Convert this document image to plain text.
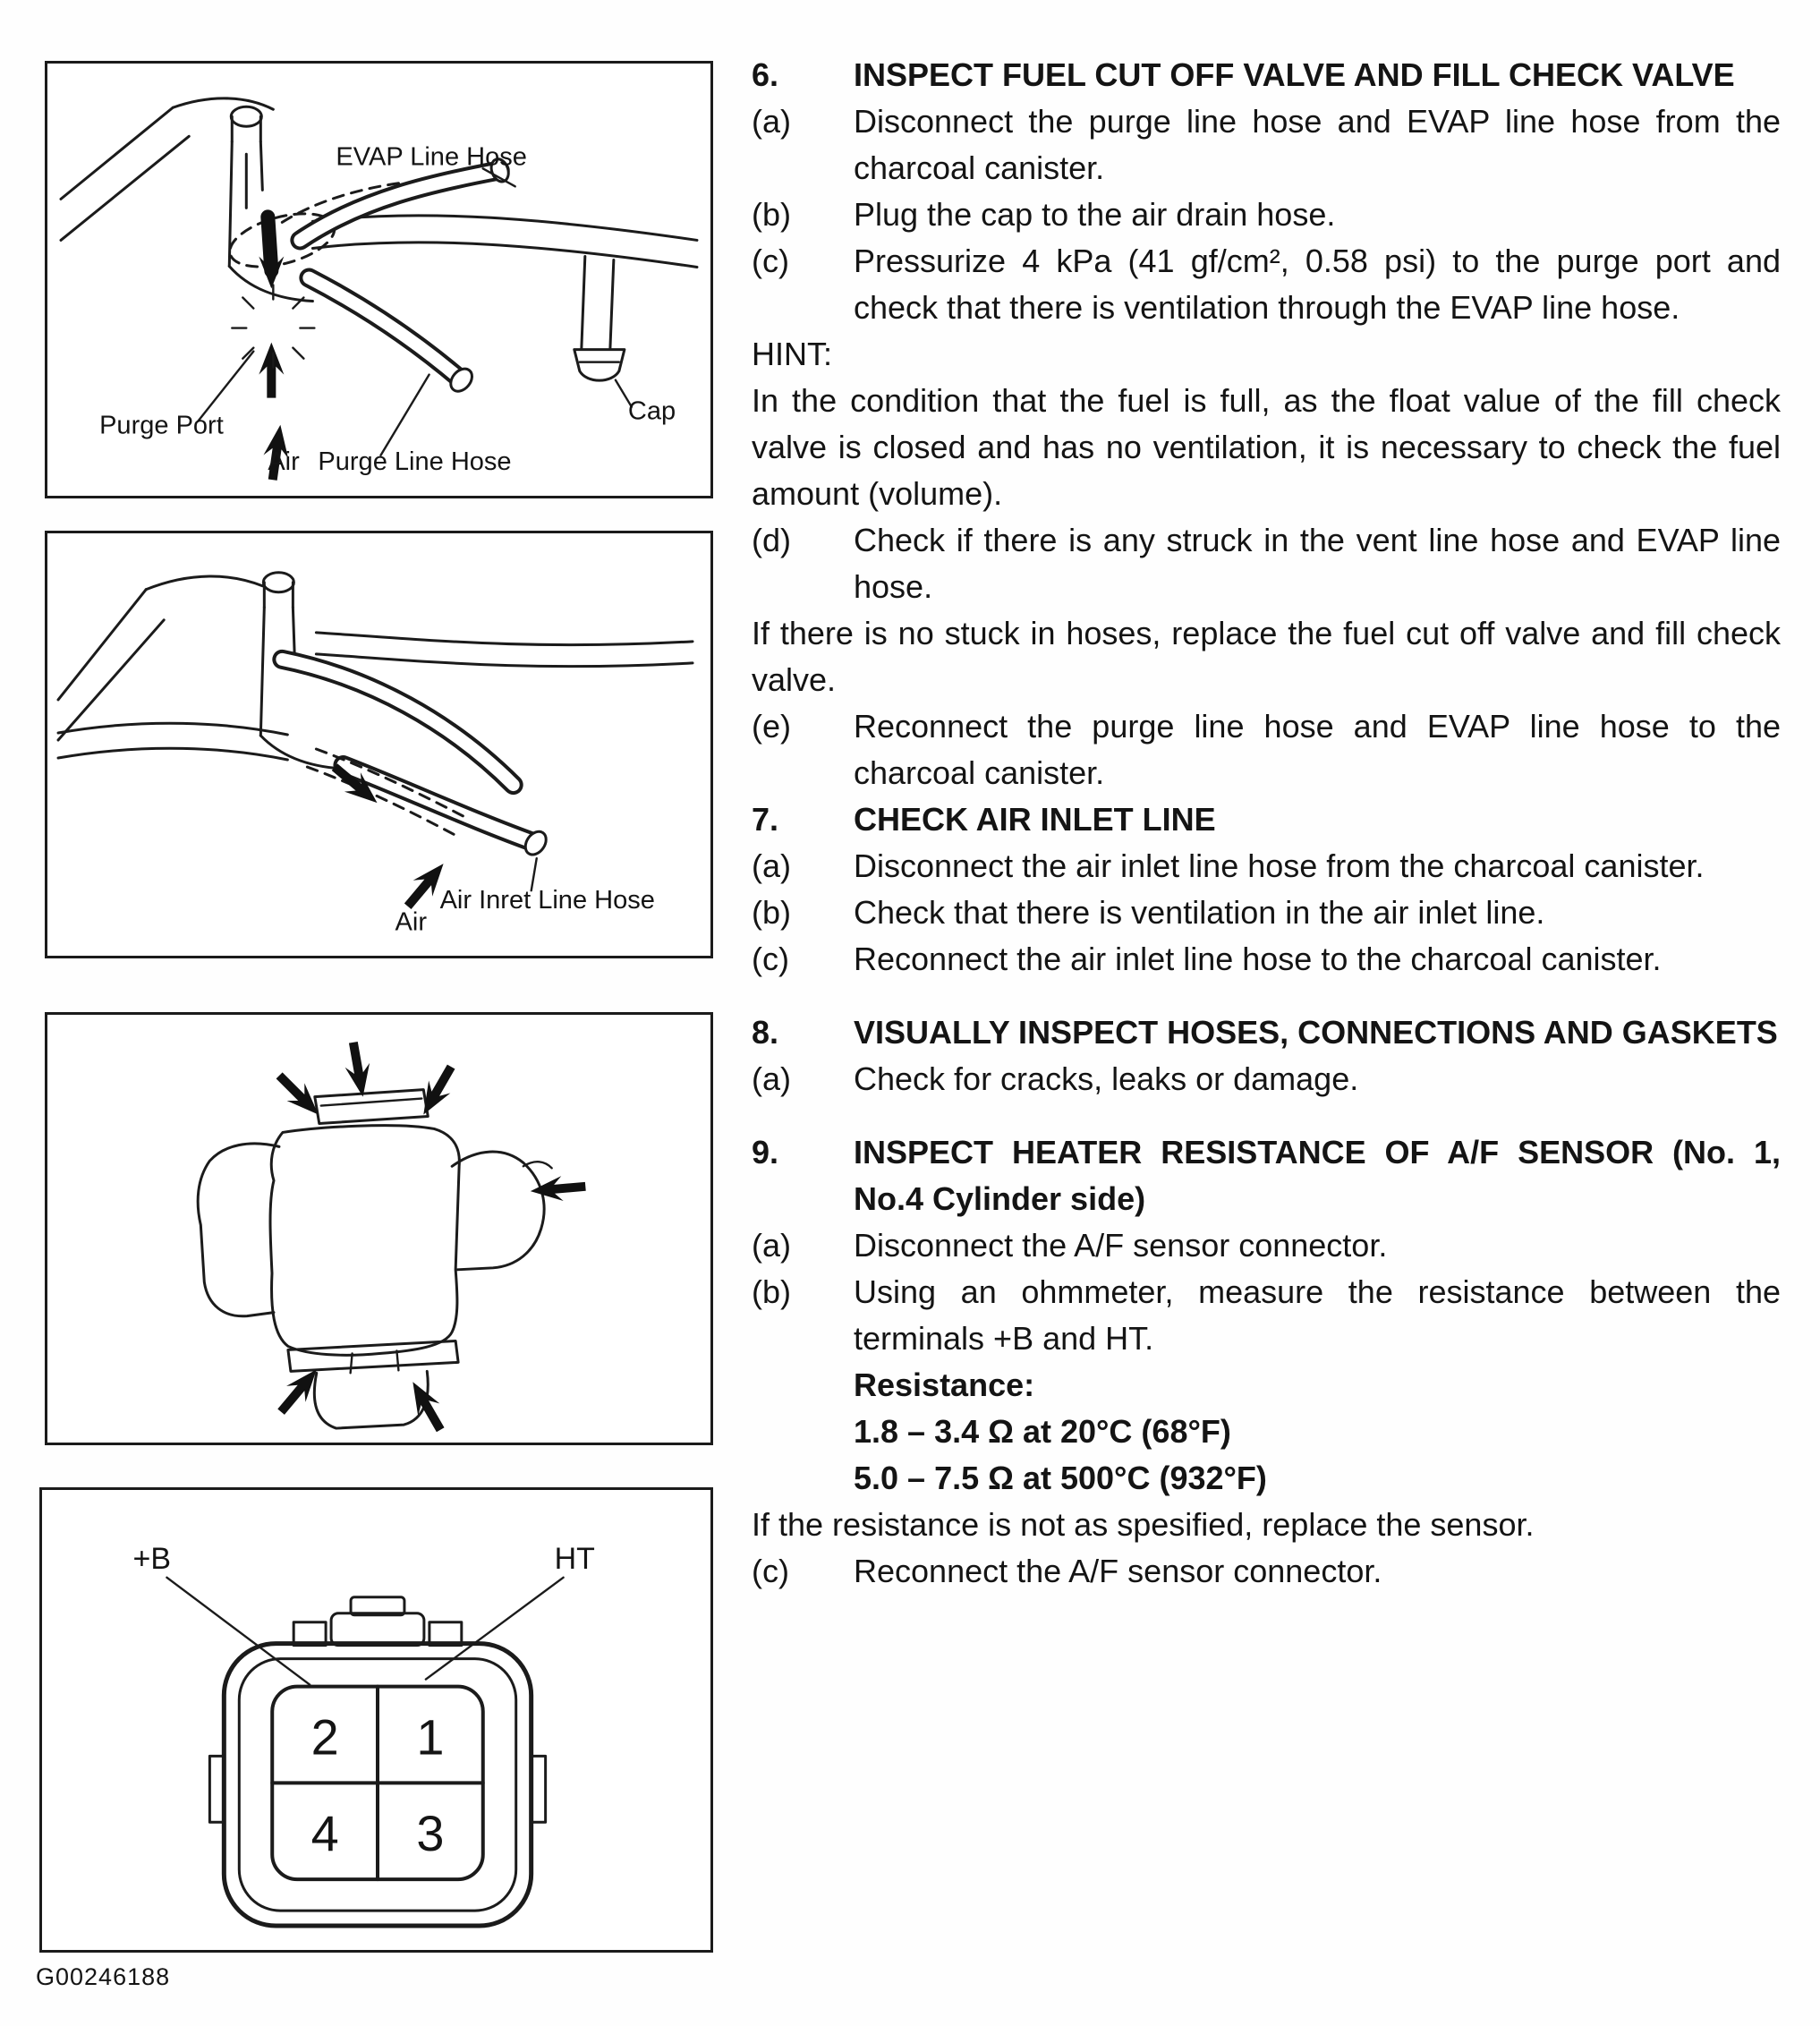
EVAP Line Hose
Purge Port
Air Purge Line Hose
Cap
Air
Air Inret Line Hose
2 1
4 3
+B	HT
G00246188
6.	INSPECT FUEL CUT OFF VALVE AND FILL CHECK VALVE
(a)	Disconnect the purge line hose and EVAP line hose from the charcoal canister.
(b)	Plug the cap to the air drain hose.
(c)	Pressurize 4 kPa (41 gf/cm², 0.58 psi) to the purge port and check that there is ventilation through the EVAP line hose.
HINT:
In the condition that the fuel is full, as the float value of the fill check valve is closed and has no ventilation, it is necessary to check the fuel amount (volume).
(d)	Check if there is any struck in the vent line hose and EVAP line hose.
If there is no stuck in hoses, replace the fuel cut off valve and fill check valve.
(e)	Reconnect the purge line hose and EVAP line hose to the charcoal canister.
7.	CHECK AIR INLET LINE
(a)	Disconnect the air inlet line hose from the charcoal canister.
(b)	Check that there is ventilation in the air inlet line.
(c)	Reconnect the air inlet line hose to the charcoal canister.
8.	VISUALLY INSPECT HOSES, CONNECTIONS AND GASKETS
(a)	Check for cracks, leaks or damage.
9.	INSPECT HEATER RESISTANCE OF A/F SENSOR (No. 1, No.4 Cylinder side)
(a)	Disconnect the A/F sensor connector.
(b)	Using an ohmmeter, measure the resistance between the terminals +B and HT.
Resistance:
1.8 – 3.4 Ω at 20°C (68°F)
5.0 – 7.5 Ω at 500°C (932°F)
If the resistance is not as spesified, replace the sensor.
(c)	Reconnect the A/F sensor connector.
